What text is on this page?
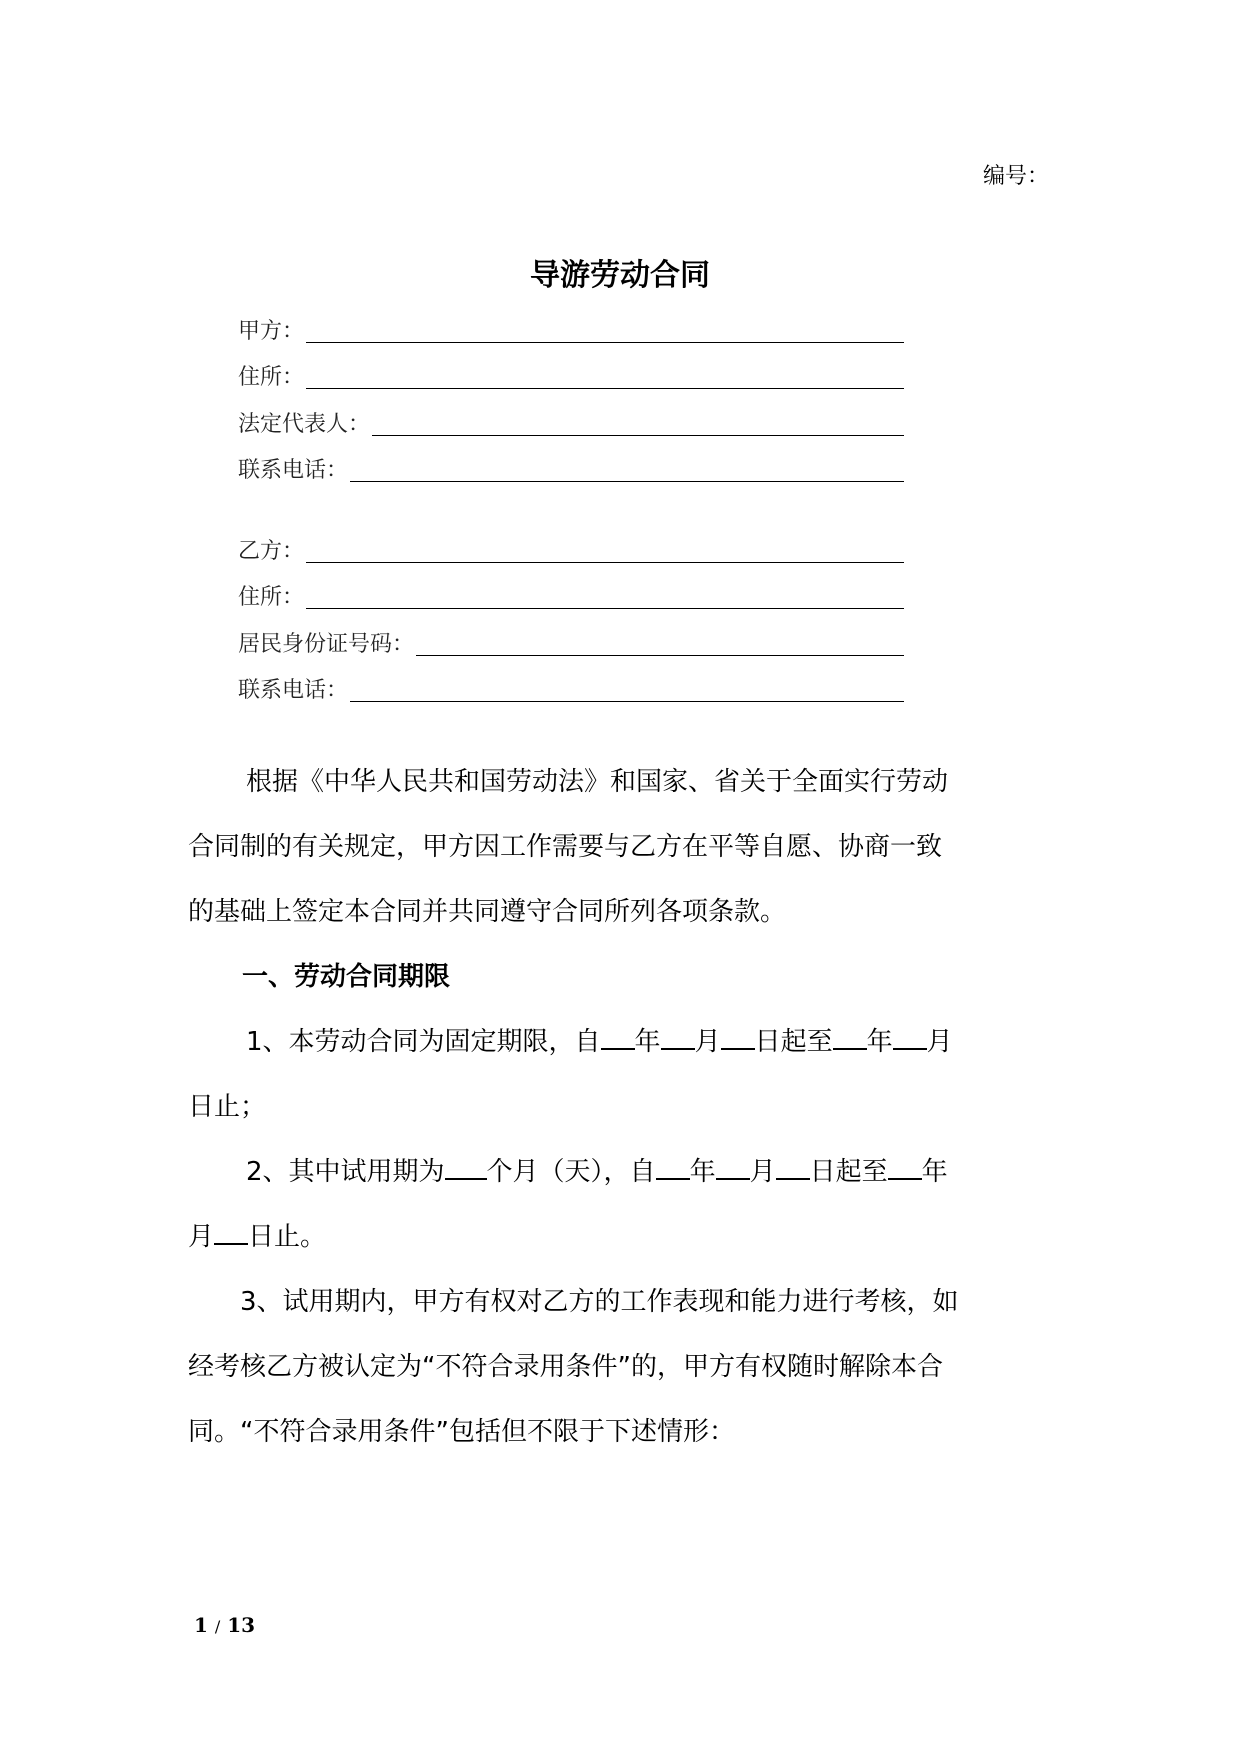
编号：
导游劳动合同
甲方：
住所：
法定代表人：
联系电话：
乙方：
住所：
居民身份证号码：
联系电话：

根据《中华人民共和国劳动法》和国家、省关于全面实行劳动

合同制的有关规定，甲方因工作需要与乙方在平等自愿、协商一致

的基础上签定本合同并共同遵守合同所列各项条款。

一、劳动合同期限

1、本劳动合同为固定期限，自 年 月 日起至 年 月

日止；

2、其中试用期为 个月（天），自 年 月 日起至 年

月 日止。

3、试用期内，甲方有权对乙方的工作表现和能力进行考核，如

经考核乙方被认定为“不符合录用条件”的，甲方有权随时解除本合

同。“不符合录用条件”包括但不限于下述情形：

1 / 13
